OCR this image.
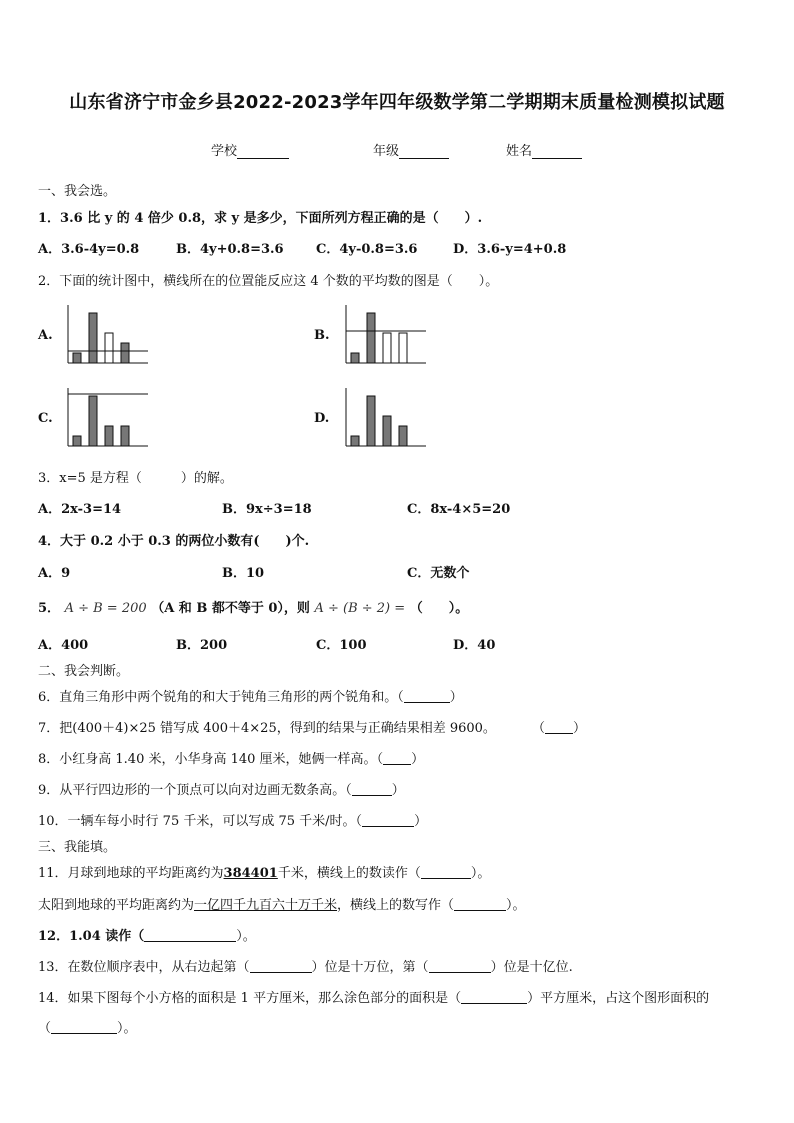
山东省济宁市金乡县2022-2023学年四年级数学第二学期期末质量检测模拟试题
学校	年级	姓名
一、我会选。
1．3.6 比 y 的 4 倍少 0.8，求 y 是多少，下面所列方程正确的是（　　）.
A．3.6-4y=0.8	B．4y+0.8=3.6 C．4y-0.8=3.6	D．3.6-y=4+0.8
2．下面的统计图中，横线所在的位置能反应这 4 个数的平均数的图是（　　）。
A.	B.
C.	D.
3．x=5 是方程（　　　）的解。
A．2x-3=14	B．9x÷3=18	C．8x-4×5=20
4．大于 0.2 小于 0.3 的两位小数有(　　)个.
A．9	B．10	C．无数个
5． A ÷ B = 200 （A 和 B 都不等于 0），则 A ÷ (B ÷ 2) = （　　）。
A．400	B．200	C．100	D．40
二、我会判断。
6．直角三角形中两个锐角的和大于钝角三角形的两个锐角和。（	）
7．把(400＋4)×25 错写成 400＋4×25，得到的结果与正确结果相差 9600。	（ ）
8．小红身高 1.40 米，小华身高 140 厘米，她俩一样高。（ ）
9．从平行四边形的一个顶点可以向对边画无数条高。（	）
10．一辆车每小时行 75 千米，可以写成 75 千米/时。（	）
三、我能填。
11．月球到地球的平均距离约为384401千米，横线上的数读作（	）。
太阳到地球的平均距离约为一亿四千九百六十万千米，横线上的数写作（	）。
12．1.04 读作（	）。
13．在数位顺序表中，从右边起第（	）位是十万位，第（	）位是十亿位.
14．如果下图每个小方格的面积是 1 平方厘米，那么涂色部分的面积是（	）平方厘米，占这个图形面积的
（	）。
